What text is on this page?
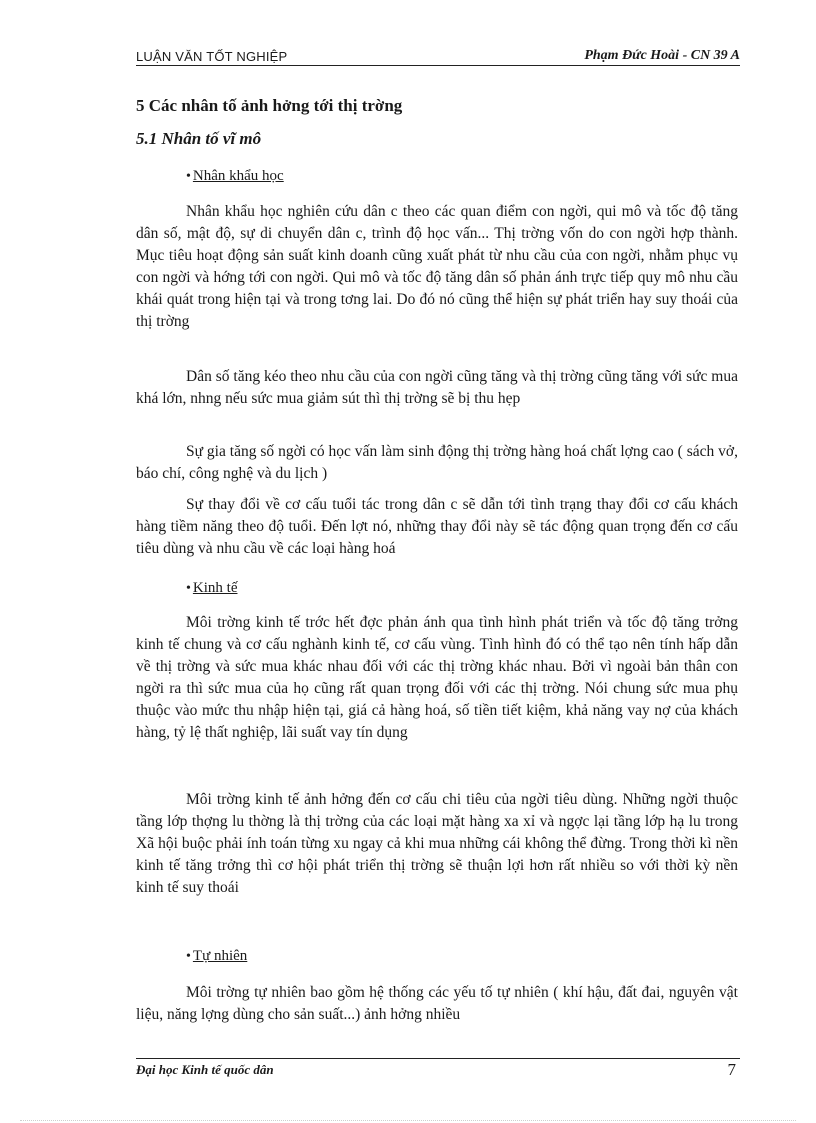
LUẬN VĂN TỐT NGHIỆP	Phạm Đức Hoài - CN 39 A
5 Các nhân tố ảnh hởng tới thị trờng
5.1 Nhân tố vĩ mô
• Nhân khẩu học
Nhân khẩu học nghiên cứu dân c theo các quan điểm con ngời, qui mô và tốc độ tăng dân số, mật độ, sự di chuyển dân c, trình độ học vấn... Thị trờng vốn do con ngời hợp thành. Mục tiêu hoạt động sản suất kinh doanh cũng xuất phát từ nhu cầu của con ngời, nhằm phục vụ con ngời và hớng tới con ngời. Qui mô và tốc độ tăng dân số phản ánh trực tiếp quy mô nhu cầu khái quát trong hiện tại và trong tơng lai. Do đó nó cũng thể hiện sự phát triển hay suy thoái của thị trờng
Dân số tăng kéo theo nhu cầu của con ngời cũng tăng và thị trờng cũng tăng với sức mua khá lớn, nhng nếu sức mua giảm sút thì thị trờng sẽ bị thu hẹp
Sự gia tăng số ngời có học vấn làm sinh động thị trờng hàng hoá chất lợng cao ( sách vở, báo chí, công nghệ và du lịch )
Sự thay đổi về cơ cấu tuổi tác trong dân c sẽ dẫn tới tình trạng thay đổi cơ cấu khách hàng tiềm năng theo độ tuổi. Đến lợt nó, những thay đổi này sẽ tác động quan trọng đến cơ cấu tiêu dùng và nhu cầu về các loại hàng hoá
• Kinh tế
Môi trờng kinh tế trớc hết đợc phản ánh qua tình hình phát triển và tốc độ tăng trởng kinh tế chung và cơ cấu nghành kinh tế, cơ cấu vùng. Tình hình đó có thể tạo nên tính hấp dẫn về thị trờng và sức mua khác nhau đối với các thị trờng khác nhau. Bởi vì ngoài bản thân con ngời ra thì sức mua của họ cũng rất quan trọng đối với các thị trờng. Nói chung sức mua phụ thuộc vào mức thu nhập hiện tại, giá cả hàng hoá, số tiền tiết kiệm, khả năng vay nợ của khách hàng, tỷ lệ thất nghiệp, lãi suất vay tín dụng
Môi trờng kinh tế ảnh hởng đến cơ cấu chi tiêu của ngời tiêu dùng. Những ngời thuộc tầng lớp thợng lu thờng là thị trờng của các loại mặt hàng xa xỉ và ngợc lại tầng lớp hạ lu trong Xã hội buộc phải ính toán từng xu ngay cả khi mua những cái không thể đừng. Trong thời kì nền kinh tế tăng trởng thì cơ hội phát triển thị trờng sẽ thuận lợi hơn rất nhiều so với thời kỳ nền kinh tế suy thoái
• Tự nhiên
Môi trờng tự nhiên bao gồm hệ thống các yếu tố tự nhiên ( khí hậu, đất đai, nguyên vật liệu, năng lợng dùng cho sản suất...) ảnh hởng nhiều
Đại học Kinh tế quốc dân	7
